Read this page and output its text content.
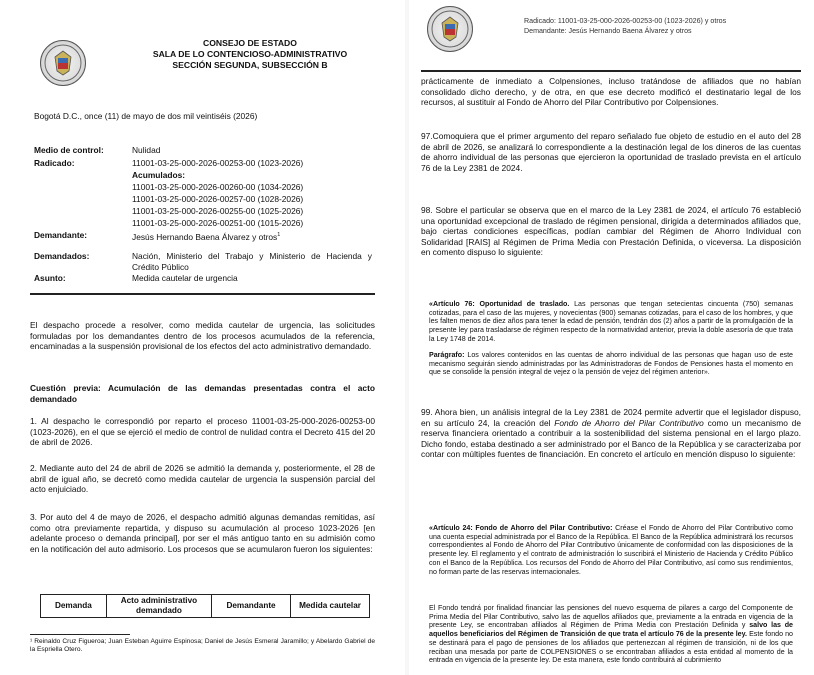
CONSEJO DE ESTADO
SALA DE LO CONTENCIOSO-ADMINISTRATIVO
SECCIÓN SEGUNDA, SUBSECCIÓN B
Bogotá D.C., once (11) de mayo de dos mil veintiséis (2026)
Medio de control:	Nulidad
Radicado:	11001-03-25-000-2026-00253-00 (1023-2026)
Acumulados:
11001-03-25-000-2026-00260-00 (1034-2026)
11001-03-25-000-2026-00257-00 (1028-2026)
11001-03-25-000-2026-00255-00 (1025-2026)
11001-03-25-000-2026-00251-00 (1015-2026)
Demandante:	Jesús Hernando Baena Álvarez y otros$^1$
Demandados:	Nación, Ministerio del Trabajo y Ministerio de Hacienda y Crédito Público
Asunto:	Medida cautelar de urgencia

El despacho procede a resolver, como medida cautelar de urgencia, las solicitudes formuladas por los demandantes dentro de los procesos acumulados de la referencia, encaminadas a la suspensión provisional de los efectos del acto administrativo demandado.

Cuestión previa: Acumulación de las demandas presentadas contra el acto demandado

1. Al despacho le correspondió por reparto el proceso 11001-03-25-000-2026-00253-00 (1023-2026), en el que se ejerció el medio de control de nulidad contra el Decreto 415 del 20 de abril de 2026.

2. Mediante auto del 24 de abril de 2026 se admitió la demanda y, posteriormente, el 28 de abril de igual año, se decretó como medida cautelar de urgencia la suspensión parcial del acto enjuiciado.

3. Por auto del 4 de mayo de 2026, el despacho admitió algunas demandas remitidas, así como otra previamente repartida, y dispuso su acumulación al proceso 1023-2026 [en adelante proceso o demanda principal], por ser el más antiguo tanto en su admisión como en la notificación del auto admisorio. Los procesos que se acumularon fueron los siguientes:

Demanda	Acto administrativo demandado	Demandante	Medida cautelar

¹ Reinaldo Cruz Figueroa; Juan Esteban Aguirre Espinosa; Daniel de Jesús Esmeral Jaramillo; y Abelardo Gabriel de la Espriella Otero.

Radicado: 11001-03-25-000-2026-00253-00 (1023-2026) y otros
Demandante: Jesús Hernando Baena Álvarez y otros

prácticamente de inmediato a Colpensiones, incluso tratándose de afiliados que no habían consolidado dicho derecho, y de otra, en que ese decreto modificó el destinatario legal de los recursos, al sustituir al Fondo de Ahorro del Pilar Contributivo por Colpensiones.

97.Comoquiera que el primer argumento del reparo señalado fue objeto de estudio en el auto del 28 de abril de 2026, se analizará lo correspondiente a la destinación legal de los dineros de las cuentas de ahorro individual de las personas que ejercieron la oportunidad de traslado prevista en el artículo 76 de la Ley 2381 de 2024.

98. Sobre el particular se observa que en el marco de la Ley 2381 de 2024, el artículo 76 estableció una oportunidad excepcional de traslado de régimen pensional, dirigida a determinados afiliados que, bajo ciertas condiciones específicas, podían cambiar del Régimen de Ahorro Individual con Solidaridad [RAIS] al Régimen de Prima Media con Prestación Definida, o viceversa. La disposición en comento dispuso lo siguiente:

«Artículo 76: Oportunidad de traslado. Las personas que tengan setecientas cincuenta (750) semanas cotizadas, para el caso de las mujeres, y novecientas (900) semanas cotizadas, para el caso de los hombres, y que les falten menos de diez años para tener la edad de pensión, tendrán dos (2) años a partir de la promulgación de la presente ley para trasladarse de régimen respecto de la normatividad anterior, previa la doble asesoría de que trata la Ley 1748 de 2014.

Parágrafo: Los valores contenidos en las cuentas de ahorro individual de las personas que hagan uso de este mecanismo seguirán siendo administradas por las Administradoras de Fondos de Pensiones hasta el momento en que se consolide la pensión integral de vejez o la pensión de vejez del régimen anterior».

99. Ahora bien, un análisis integral de la Ley 2381 de 2024 permite advertir que el legislador dispuso, en su artículo 24, la creación del Fondo de Ahorro del Pilar Contributivo como un mecanismo de reserva financiera orientado a contribuir a la sostenibilidad del sistema pensional en el largo plazo. Dicho fondo, estaba destinado a ser administrado por el Banco de la República y se caracterizaba por contar con múltiples fuentes de financiación. En concreto el artículo en mención dispuso lo siguiente:

«Artículo 24: Fondo de Ahorro del Pilar Contributivo: Créase el Fondo de Ahorro del Pilar Contributivo como una cuenta especial administrada por el Banco de la República. El Banco de la República administrará los recursos correspondientes al Fondo de Ahorro del Pilar Contributivo únicamente de conformidad con las disposiciones de la presente ley. El reglamento y el contrato de administración lo suscribirá el Ministerio de Hacienda y Crédito Público con el Banco de la República. Los recursos del Fondo de Ahorro del Pilar Contributivo, así como sus rendimientos, no forman parte de las reservas internacionales.

El Fondo tendrá por finalidad financiar las pensiones del nuevo esquema de pilares a cargo del Componente de Prima Media del Pilar Contributivo, salvo las de aquellos afiliados que, previamente a la entrada en vigencia de la presente Ley, se encontraban afiliados al Régimen de Prima Media con Prestación Definida y salvo las de aquellos beneficiarios del Régimen de Transición de que trata el artículo 76 de la presente ley. Este fondo no se destinará para el pago de pensiones de los afiliados que pertenezcan al régimen de transición, ni de los que reciban una mesada por parte de COLPENSIONES o se encontraban afiliados a esta entidad al momento de la entrada en vigencia de la presente ley. De esta manera, este fondo contribuirá al cubrimiento
